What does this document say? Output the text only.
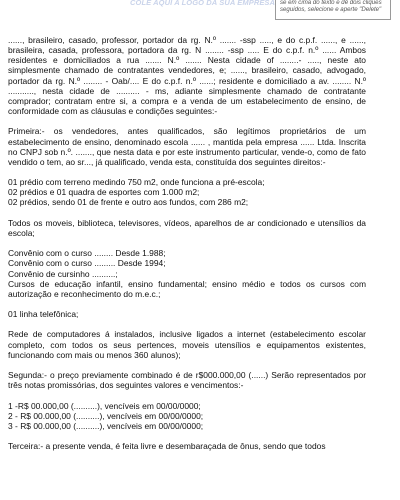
COLE AQUI A LOGO DA SUA EMPRESA se em cima do texto e dê dois cliques seguidos, selecione e aperte "Delete"

......, brasileiro, casado, professor, portador da rg. N.º ....... -ssp ....., e do c.p.f. ......, e ......, brasileira, casada, professora, portadora da rg. N ........ -ssp ..... E do c.p.f. n.º ...... Ambos residentes e domiciliados a rua ....... N.º ....... Nesta cidade of ........- ....., neste ato simplesmente chamado de contratantes vendedores, e; ......, brasileiro, casado, advogado, portador da rg. N.º ........ - Oab/.... E do c.p.f. n.º ......; residente e domiciliado a av. ........ N.º ..........., nesta cidade de .......... - ms, adiante simplesmente chamado de contratante comprador; contratam entre si, a compra e a venda de um estabelecimento de ensino, de conformidade com as cláusulas e condições seguintes:-

Primeira:- os vendedores, antes qualificados, são legítimos proprietários de um estabelecimento de ensino, denominado escola ...... , mantida pela empresa ...... Ltda. Inscrita no CNPJ sob n.º. ......., que nesta data e por este instrumento particular, vende-o, como de fato vendido o tem, ao sr..., já qualificado, venda esta, constituída dos seguintes direitos:-

01 prédio com terreno medindo 750 m2, onde funciona a pré-escola;

02 prédios e 01 quadra de esportes com 1.000 m2;

02 prédios, sendo 01 de frente e outro aos fundos, com 286 m2;

Todos os moveis, biblioteca, televisores, vídeos, aparelhos de ar condicionado e utensílios da escola;

Convênio com o curso ........ Desde 1.988;

Convênio com o curso ......... Desde 1994;

Convênio de cursinho ..........;

Cursos de educação infantil, ensino fundamental; ensino médio e todos os cursos com autorização e reconhecimento do m.e.c.;

01 linha telefônica;

Rede de computadores á instalados, inclusive ligados a internet (estabelecimento escolar completo, com todos os seus pertences, moveis utensílios e equipamentos existentes, funcionando com mais ou menos 360 alunos);

Segunda:- o preço previamente combinado é de r$000.000,00 (......) Serão representados por três notas promissórias, dos seguintes valores e vencimentos:-

1 -R$ 00.000,00 (..........), vencíveis em 00/00/0000;

2 - R$ 00.000,00 (..........), vencíveis em 00/00/0000;

3 - R$ 00.000,00 (..........), vencíveis em 00/00/0000;

Terceira:- a presente venda, é feita livre e desembaraçada de ônus, sendo que todos
